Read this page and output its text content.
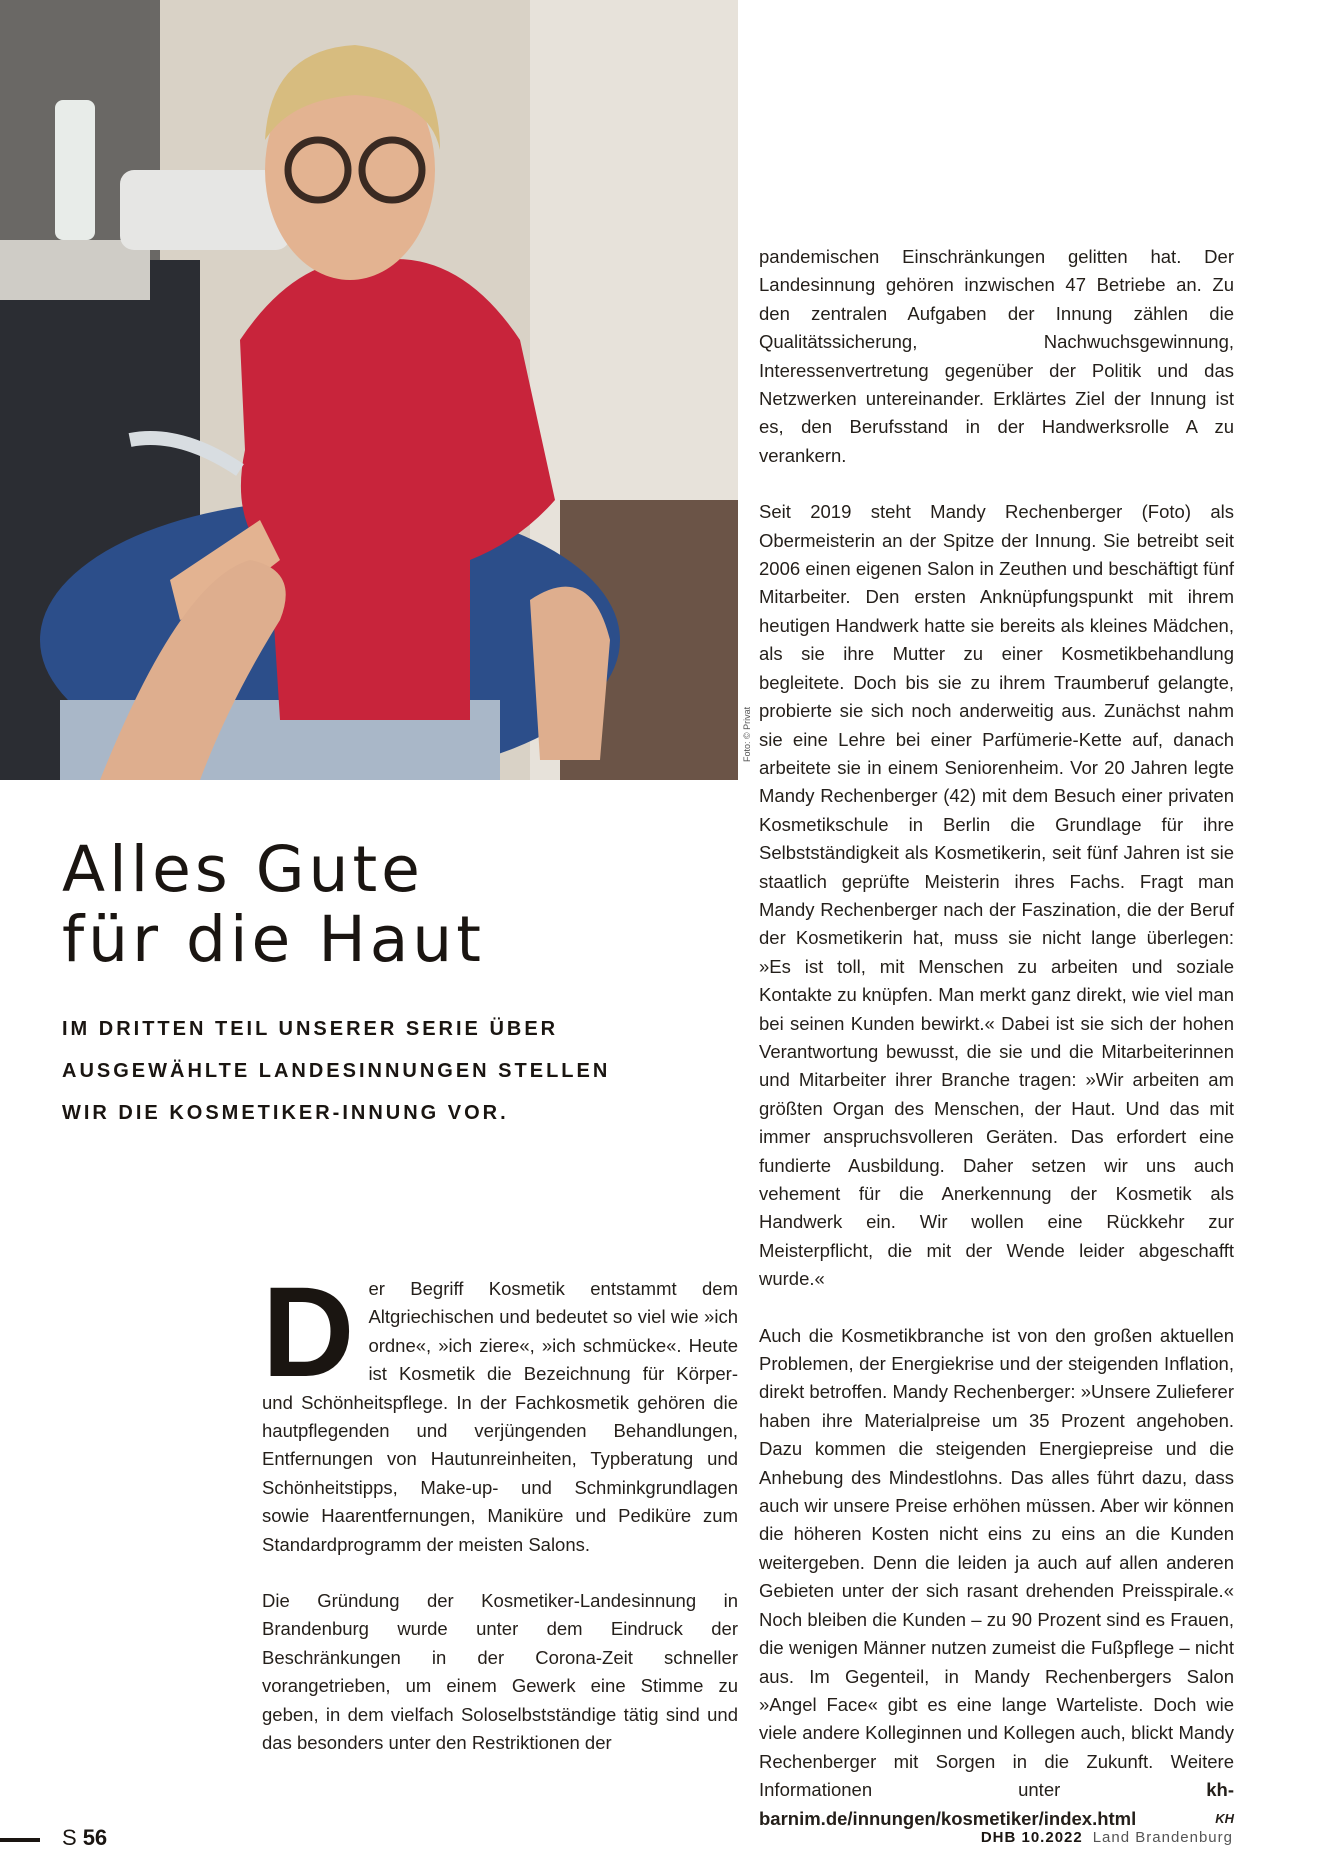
Foto: © Privat
Alles Gute
für die Haut
IM DRITTEN TEIL UNSERER SERIE ÜBER AUSGEWÄHLTE LANDESINNUNGEN STELLEN WIR DIE KOSMETIKER-INNUNG VOR.

D er Begriff Kosmetik entstammt dem Altgriechischen und bedeutet so viel wie »ich ordne«, »ich ziere«, »ich schmücke«. Heute ist Kosmetik die Bezeichnung für Körper- und Schönheitspflege. In der Fachkosmetik gehören die hautpflegenden und verjüngenden Behandlungen, Entfernungen von Hautunreinheiten, Typberatung und Schönheitstipps, Make-up- und Schminkgrundlagen sowie Haarentfernungen, Maniküre und Pediküre zum Standardprogramm der meisten Salons.

Die Gründung der Kosmetiker-Landesinnung in Brandenburg wurde unter dem Eindruck der Beschränkungen in der Corona-Zeit schneller vorangetrieben, um einem Gewerk eine Stimme zu geben, in dem vielfach Soloselbstständige tätig sind und das besonders unter den Restriktionen der

pandemischen Einschränkungen gelitten hat. Der Landesinnung gehören inzwischen 47 Betriebe an. Zu den zentralen Aufgaben der Innung zählen die Qualitätssicherung, Nachwuchsgewinnung, Interessenvertretung gegenüber der Politik und das Netzwerken untereinander. Erklärtes Ziel der Innung ist es, den Berufsstand in der Handwerksrolle A zu verankern.

Seit 2019 steht Mandy Rechenberger (Foto) als Obermeisterin an der Spitze der Innung. Sie betreibt seit 2006 einen eigenen Salon in Zeuthen und beschäftigt fünf Mitarbeiter. Den ersten Anknüpfungspunkt mit ihrem heutigen Handwerk hatte sie bereits als kleines Mädchen, als sie ihre Mutter zu einer Kosmetikbehandlung begleitete. Doch bis sie zu ihrem Traumberuf gelangte, probierte sie sich noch anderweitig aus. Zunächst nahm sie eine Lehre bei einer Parfümerie-Kette auf, danach arbeitete sie in einem Seniorenheim. Vor 20 Jahren legte Mandy Rechenberger (42) mit dem Besuch einer privaten Kosmetikschule in Berlin die Grundlage für ihre Selbstständigkeit als Kosmetikerin, seit fünf Jahren ist sie staatlich geprüfte Meisterin ihres Fachs. Fragt man Mandy Rechenberger nach der Faszination, die der Beruf der Kosmetikerin hat, muss sie nicht lange überlegen: »Es ist toll, mit Menschen zu arbeiten und soziale Kontakte zu knüpfen. Man merkt ganz direkt, wie viel man bei seinen Kunden bewirkt.« Dabei ist sie sich der hohen Verantwortung bewusst, die sie und die Mitarbeiterinnen und Mitarbeiter ihrer Branche tragen: »Wir arbeiten am größten Organ des Menschen, der Haut. Und das mit immer anspruchsvolleren Geräten. Das erfordert eine fundierte Ausbildung. Daher setzen wir uns auch vehement für die Anerkennung der Kosmetik als Handwerk ein. Wir wollen eine Rückkehr zur Meisterpflicht, die mit der Wende leider abgeschafft wurde.«

Auch die Kosmetikbranche ist von den großen aktuellen Problemen, der Energiekrise und der steigenden Inflation, direkt betroffen. Mandy Rechenberger: »Unsere Zulieferer haben ihre Materialpreise um 35 Prozent angehoben. Dazu kommen die steigenden Energiepreise und die Anhebung des Mindestlohns. Das alles führt dazu, dass auch wir unsere Preise erhöhen müssen. Aber wir können die höheren Kosten nicht eins zu eins an die Kunden weitergeben. Denn die leiden ja auch auf allen anderen Gebieten unter der sich rasant drehenden Preisspirale.« Noch bleiben die Kunden – zu 90 Prozent sind es Frauen, die wenigen Männer nutzen zumeist die Fußpflege – nicht aus. Im Gegenteil, in Mandy Rechenbergers Salon »Angel Face« gibt es eine lange Warteliste. Doch wie viele andere Kolleginnen und Kollegen auch, blickt Mandy Rechenberger mit Sorgen in die Zukunft. Weitere Informationen unter	kh-barnim.de/innungen/kosmetiker/index.html	KH

S 56	DHB 10.2022 Land Brandenburg
